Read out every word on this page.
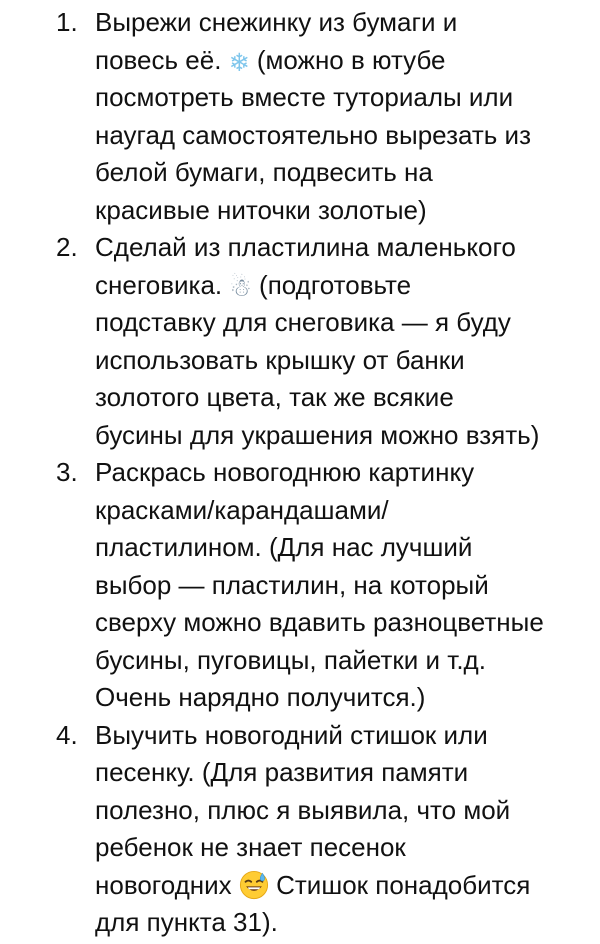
1. Вырежи снежинку из бумаги и
повесь её. ❄ (можно в ютубе
посмотреть вместе туториалы или
наугад самостоятельно вырезать из
белой бумаги, подвесить на
красивые ниточки золотые)
2. Сделай из пластилина маленького
снеговика. ☃ (подготовьте
подставку для снеговика — я буду
использовать крышку от банки
золотого цвета, так же всякие
бусины для украшения можно взять)
3. Раскрась новогоднюю картинку
красками/карандашами/
пластилином. (Для нас лучший
выбор — пластилин, на который
сверху можно вдавить разноцветные
бусины, пуговицы, пайетки и т.д.
Очень нарядно получится.)
4. Выучить новогодний стишок или
песенку. (Для развития памяти
полезно, плюс я выявила, что мой
ребенок не знает песенок
новогодних Стишок понадобится
для пункта 31).
